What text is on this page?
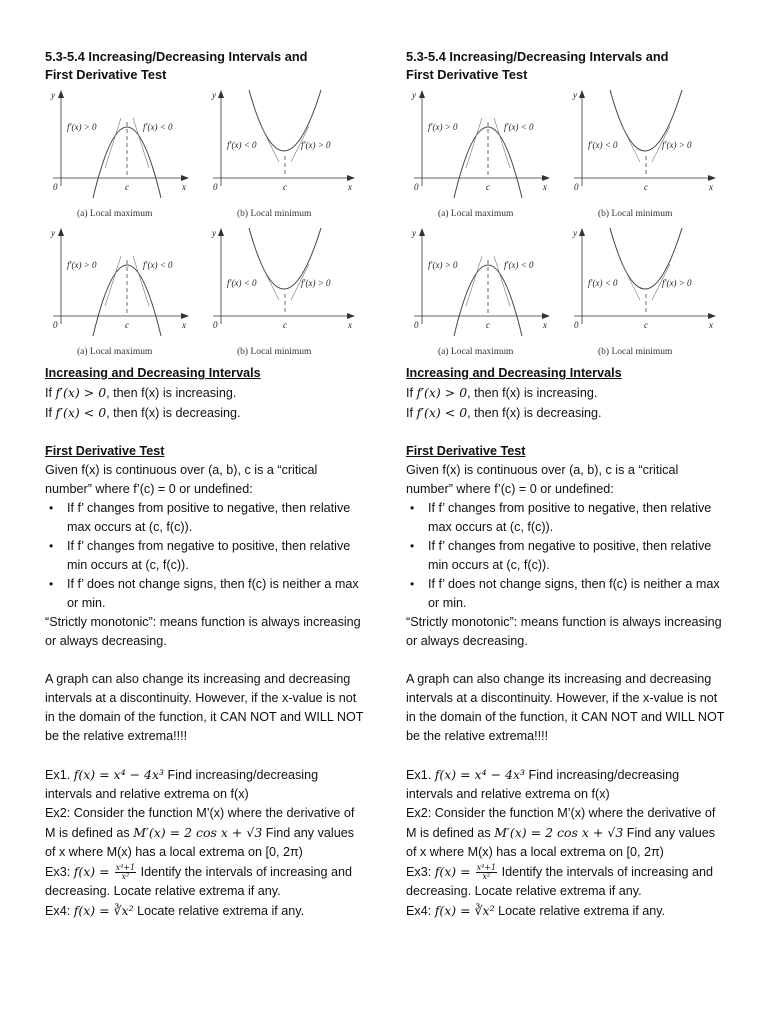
5.3-5.4 Increasing/Decreasing Intervals and
First Derivative Test
f′(x) > 0	f′(x) < 0
y
x
0	c
(a) Local maximum
f′(x) < 0	f′(x) > 0
y
x
0	c
(b) Local minimum
f′(x) > 0	f′(x) < 0
y
x
0	c
(a) Local maximum
f′(x) < 0	f′(x) > 0
y
x
0	c
(b) Local minimum
Increasing and Decreasing Intervals
If f′(x) > 0, then f(x) is increasing.
If f′(x) < 0, then f(x) is decreasing.
First Derivative Test
Given f(x) is continuous over (a, b), c is a “critical number” where f’(c) = 0 or undefined:
• If f’ changes from positive to negative, then relative max occurs at (c, f(c)).
• If f’ changes from negative to positive, then relative min occurs at (c, f(c)).
• If f’ does not change signs, then f(c) is neither a max or min.
“Strictly monotonic”: means function is always increasing or always decreasing.
A graph can also change its increasing and decreasing intervals at a discontinuity. However, if the x-value is not in the domain of the function, it CAN NOT and WILL NOT be the relative extrema!!!!
Ex1. f(x) = x⁴ − 4x³ Find increasing/decreasing intervals and relative extrema on f(x)
Ex2: Consider the function M’(x) where the derivative of M is defined as M′(x) = 2 cos x + √3 Find any values of x where M(x) has a local extrema on [0, 2π)
Ex3: $f(x) = \frac{\text{x⁴+1}}{\text{x²}}$ Identify the intervals of increasing and decreasing. Locate relative extrema if any.
Ex4: f(x) = ∛x² Locate relative extrema if any.
5.3-5.4 Increasing/Decreasing Intervals and
First Derivative Test
f′(x) > 0	f′(x) < 0
y
x
0	c
(a) Local maximum
f′(x) < 0	f′(x) > 0
y
x
0	c
(b) Local minimum
f′(x) > 0	f′(x) < 0
y
x
0	c
(a) Local maximum
f′(x) < 0	f′(x) > 0
y
x
0	c
(b) Local minimum
Increasing and Decreasing Intervals
If f′(x) > 0, then f(x) is increasing.
If f′(x) < 0, then f(x) is decreasing.
First Derivative Test
Given f(x) is continuous over (a, b), c is a “critical number” where f’(c) = 0 or undefined:
• If f’ changes from positive to negative, then relative max occurs at (c, f(c)).
• If f’ changes from negative to positive, then relative min occurs at (c, f(c)).
• If f’ does not change signs, then f(c) is neither a max or min.
“Strictly monotonic”: means function is always increasing or always decreasing.
A graph can also change its increasing and decreasing intervals at a discontinuity. However, if the x-value is not in the domain of the function, it CAN NOT and WILL NOT be the relative extrema!!!!
Ex1. f(x) = x⁴ − 4x³ Find increasing/decreasing intervals and relative extrema on f(x)
Ex2: Consider the function M’(x) where the derivative of M is defined as M′(x) = 2 cos x + √3 Find any values of x where M(x) has a local extrema on [0, 2π)
Ex3: $f(x) = \frac{\text{x⁴+1}}{\text{x²}}$ Identify the intervals of increasing and decreasing. Locate relative extrema if any.
Ex4: f(x) = ∛x² Locate relative extrema if any.
